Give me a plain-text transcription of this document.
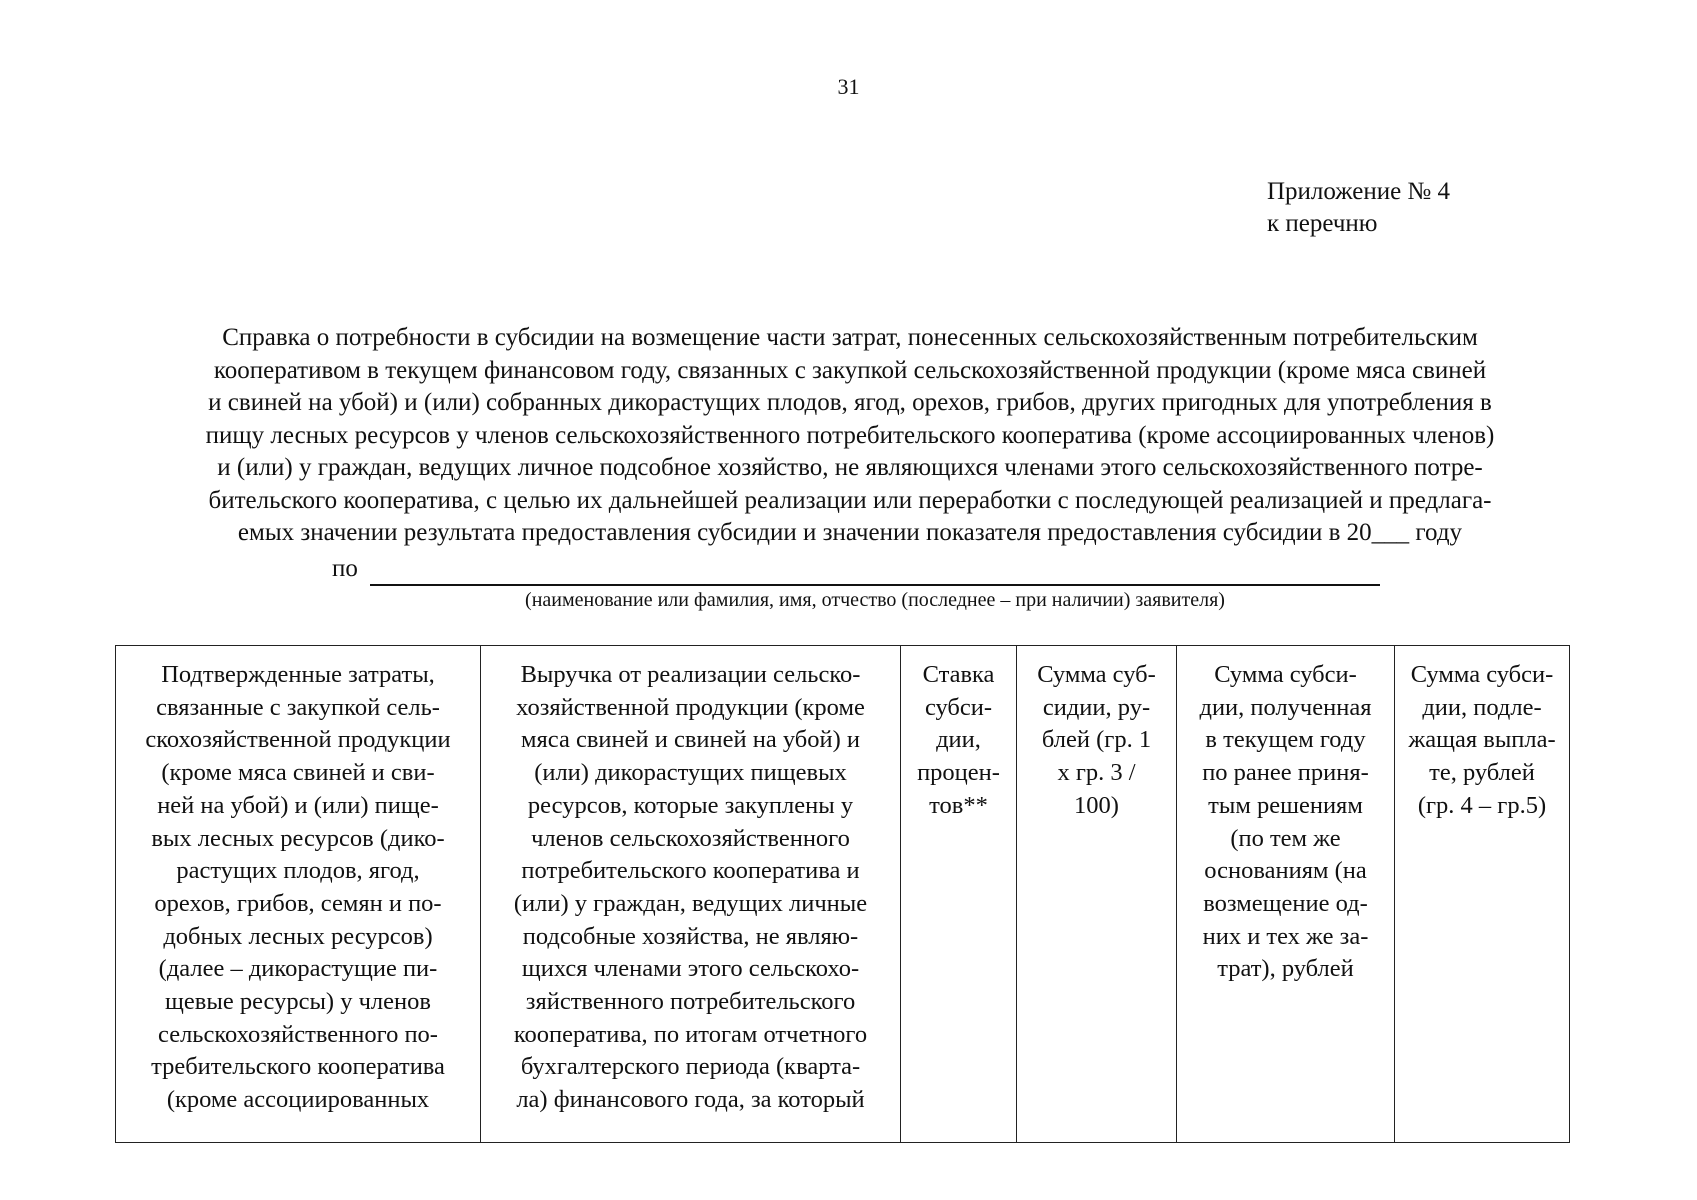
31
Приложение № 4
к перечню
Справка о потребности в субсидии на возмещение части затрат, понесенных сельскохозяйственным потребительским
кооперативом в текущем финансовом году, связанных с закупкой сельскохозяйственной продукции (кроме мяса свиней
и свиней на убой) и (или) собранных дикорастущих плодов, ягод, орехов, грибов, других пригодных для употребления в
пищу лесных ресурсов у членов сельскохозяйственного потребительского кооператива (кроме ассоциированных членов)
и (или) у граждан, ведущих личное подсобное хозяйство, не являющихся членами этого сельскохозяйственного потре-
бительского кооператива, с целью их дальнейшей реализации или переработки с последующей реализацией и предлага-
емых значении результата предоставления субсидии и значении показателя предоставления субсидии в 20___ году
по
(наименование или фамилия, имя, отчество (последнее – при наличии) заявителя)
Подтвержденные затраты,
связанные с закупкой сель-
скохозяйственной продукции
(кроме мяса свиней и сви-
ней на убой) и (или) пище-
вых лесных ресурсов (дико-
растущих плодов, ягод,
орехов, грибов, семян и по-
добных лесных ресурсов)
(далее – дикорастущие пи-
щевые ресурсы) у членов
сельскохозяйственного по-
требительского кооператива
(кроме ассоциированных

Выручка от реализации сельско-
хозяйственной продукции (кроме
мяса свиней и свиней на убой) и
(или) дикорастущих пищевых
ресурсов, которые закуплены у
членов сельскохозяйственного
потребительского кооператива и
(или) у граждан, ведущих личные
подсобные хозяйства, не являю-
щихся членами этого сельскохо-
зяйственного потребительского
кооператива, по итогам отчетного
бухгалтерского периода (кварта-
ла) финансового года, за который

Ставка
субси-
дии,
процен-
тов**

Сумма суб-
сидии, ру-
блей (гр. 1
х гр. 3 /
100)

Сумма субси-
дии, полученная
в текущем году
по ранее приня-
тым решениям
(по тем же
основаниям (на
возмещение од-
них и тех же за-
трат), рублей

Сумма субси-
дии, подле-
жащая выпла-
те, рублей
(гр. 4 – гр.5)
